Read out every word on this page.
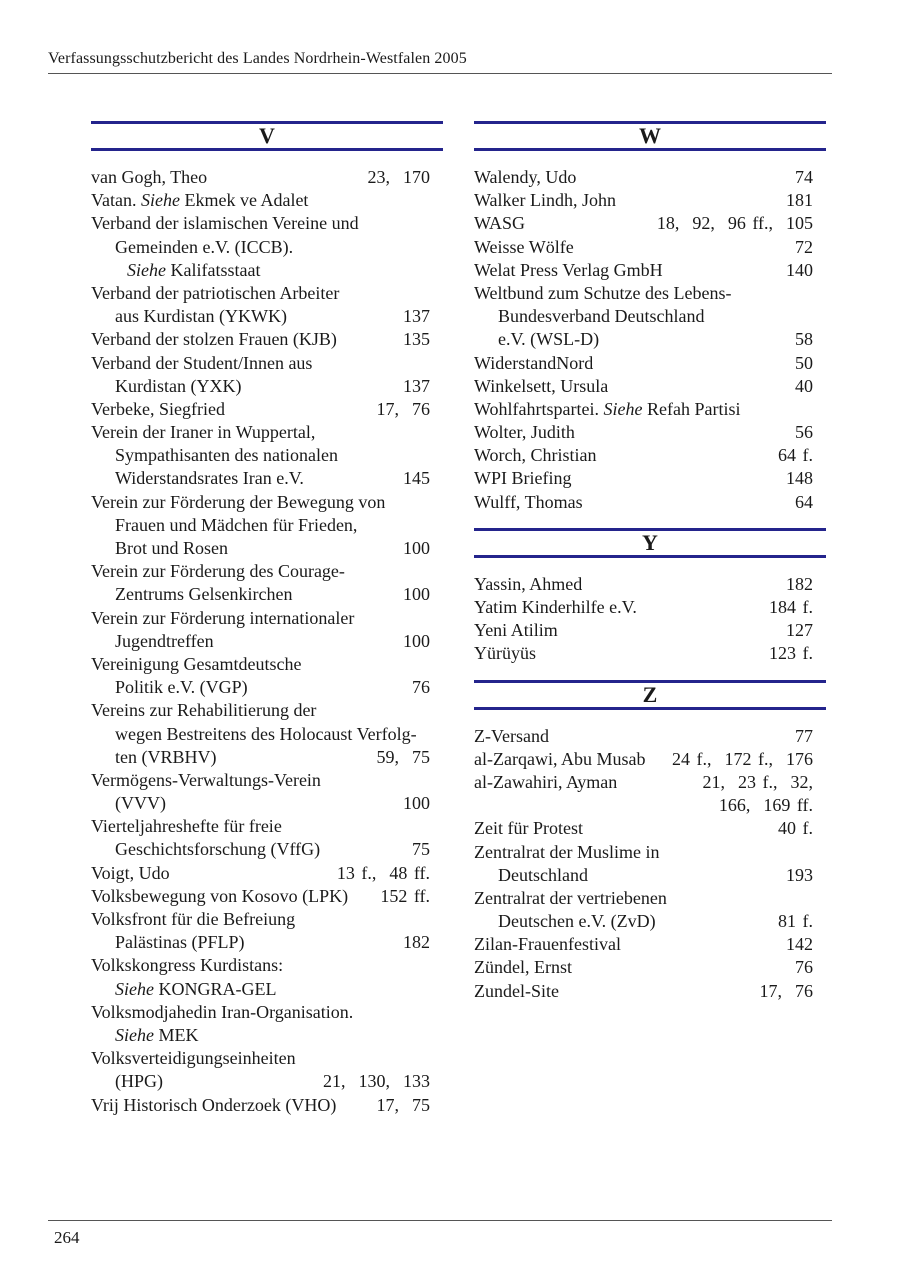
Verfassungsschutzbericht des Landes Nordrhein-Westfalen 2005
V
van Gogh, Theo	23,  170
Vatan. Siehe Ekmek ve Adalet
Verband der islamischen Vereine und
Gemeinden e.V. (ICCB).
Siehe Kalifatsstaat
Verband der patriotischen Arbeiter
aus Kurdistan (YKWK)	137
Verband der stolzen Frauen (KJB)	135
Verband der Student/Innen aus
Kurdistan (YXK)	137
Verbeke, Siegfried	17,  76
Verein der Iraner in Wuppertal,
Sympathisanten des nationalen
Widerstandsrates Iran e.V.	145
Verein zur Förderung der Bewegung von
Frauen und Mädchen für Frieden,
Brot und Rosen	100
Verein zur Förderung des Courage-
Zentrums Gelsenkirchen	100
Verein zur Förderung internationaler
Jugendtreffen	100
Vereinigung Gesamtdeutsche
Politik e.V. (VGP)	76
Vereins zur Rehabilitierung der
wegen Bestreitens des Holocaust Verfolg-
ten (VRBHV)	59,  75
Vermögens-Verwaltungs-Verein
(VVV)	100
Vierteljahreshefte für freie
Geschichtsforschung (VffG)	75
Voigt, Udo	13 f.,  48 ff.
Volksbewegung von Kosovo (LPK) 152 ff.
Volksfront für die Befreiung
Palästinas (PFLP)	182
Volkskongress Kurdistans:
Siehe KONGRA-GEL
Volksmodjahedin Iran-Organisation.
Siehe MEK
Volksverteidigungseinheiten
(HPG)	21,  130,  133
Vrij Historisch Onderzoek (VHO) 17,  75
W
Walendy, Udo	74
Walker Lindh, John	181
WASG	18,  92,  96 ff.,  105
Weisse Wölfe	72
Welat Press Verlag GmbH	140
Weltbund zum Schutze des Lebens-
Bundesverband Deutschland
e.V. (WSL-D)	58
WiderstandNord	50
Winkelsett, Ursula	40
Wohlfahrtspartei. Siehe Refah Partisi
Wolter, Judith	56
Worch, Christian	64 f.
WPI Briefing	148
Wulff, Thomas	64
Y
Yassin, Ahmed	182
Yatim Kinderhilfe e.V.	184 f.
Yeni Atilim	127
Yürüyüs	123 f.
Z
Z-Versand	77
al-Zarqawi, Abu Musab 24 f.,  172 f.,  176
al-Zawahiri, Ayman	21,  23 f.,  32,
166,  169 ff.
Zeit für Protest	40 f.
Zentralrat der Muslime in
Deutschland	193
Zentralrat der vertriebenen
Deutschen e.V. (ZvD)	81 f.
Zilan-Frauenfestival	142
Zündel, Ernst	76
Zundel-Site	17,  76
264
